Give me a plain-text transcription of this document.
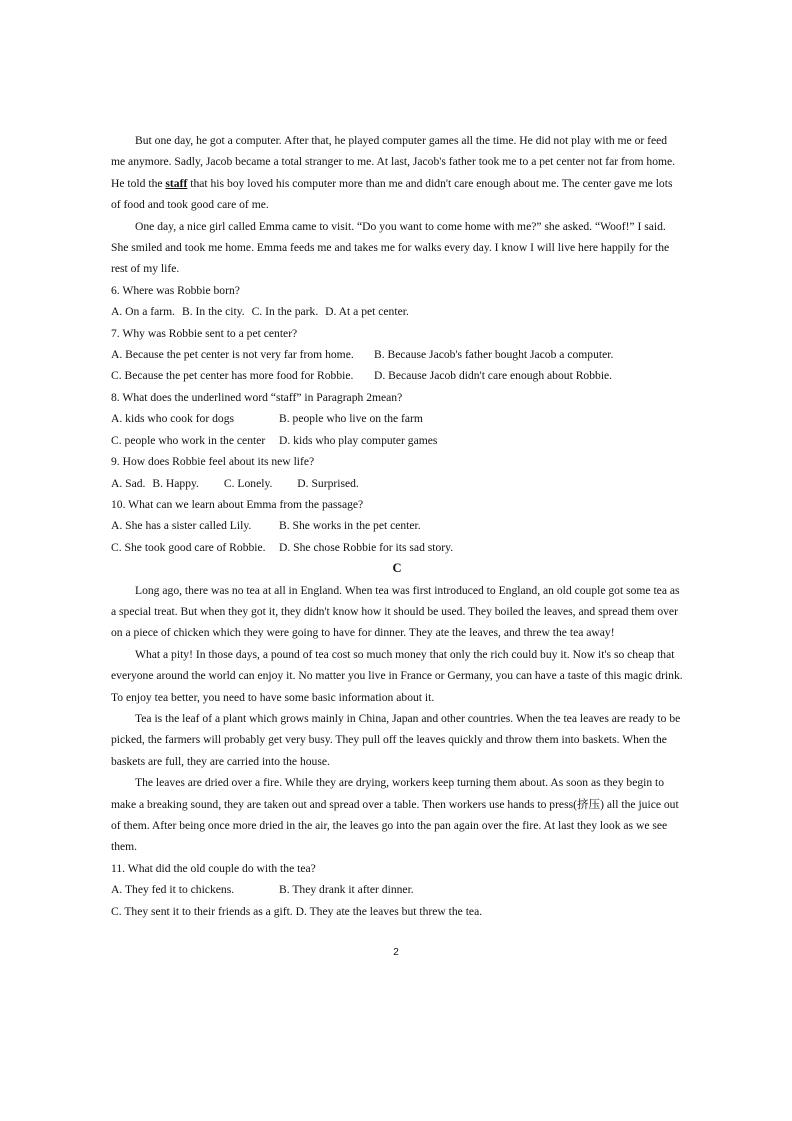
But one day, he got a computer. After that, he played computer games all the time. He did not play with me or feed me anymore. Sadly, Jacob became a total stranger to me. At last, Jacob's father took me to a pet center not far from home. He told the staff that his boy loved his computer more than me and didn't care enough about me. The center gave me lots of food and took good care of me.

One day, a nice girl called Emma came to visit. “Do you want to come home with me?” she asked. “Woof!” I said. She smiled and took me home. Emma feeds me and takes me for walks every day. I know I will live here happily for the rest of my life.

6. Where was Robbie born?

A. On a farm. B. In the city. C. In the park. D. At a pet center.

7. Why was Robbie sent to a pet center?

A. Because the pet center is not very far from home.	B. Because Jacob's father bought Jacob a computer.
C. Because the pet center has more food for Robbie.	D. Because Jacob didn't care enough about Robbie.

8. What does the underlined word “staff” in Paragraph 2mean?

A. kids who cook for dogs	B. people who live on the farm
C. people who work in the center	D. kids who play computer games

9. How does Robbie feel about its new life?

A. Sad. B. Happy. C. Lonely. D. Surprised.

10. What can we learn about Emma from the passage?

A. She has a sister called Lily.	B. She works in the pet center.
C. She took good care of Robbie.	D. She chose Robbie for its sad story.

C

Long ago, there was no tea at all in England. When tea was first introduced to England, an old couple got some tea as a special treat. But when they got it, they didn't know how it should be used. They boiled the leaves, and spread them over on a piece of chicken which they were going to have for dinner. They ate the leaves, and threw the tea away!

What a pity! In those days, a pound of tea cost so much money that only the rich could buy it. Now it's so cheap that everyone around the world can enjoy it. No matter you live in France or Germany, you can have a taste of this magic drink. To enjoy tea better, you need to have some basic information about it.

Tea is the leaf of a plant which grows mainly in China, Japan and other countries. When the tea leaves are ready to be picked, the farmers will probably get very busy. They pull off the leaves quickly and throw them into baskets. When the baskets are full, they are carried into the house.

The leaves are dried over a fire. While they are drying, workers keep turning them about. As soon as they begin to make a breaking sound, they are taken out and spread over a table. Then workers use hands to press(挤压) all the juice out of them. After being once more dried in the air, the leaves go into the pan again over the fire. At last they look as we see them.

11. What did the old couple do with the tea?

A. They fed it to chickens.	B. They drank it after dinner.

C. They sent it to their friends as a gift. D. They ate the leaves but threw the tea.

2
